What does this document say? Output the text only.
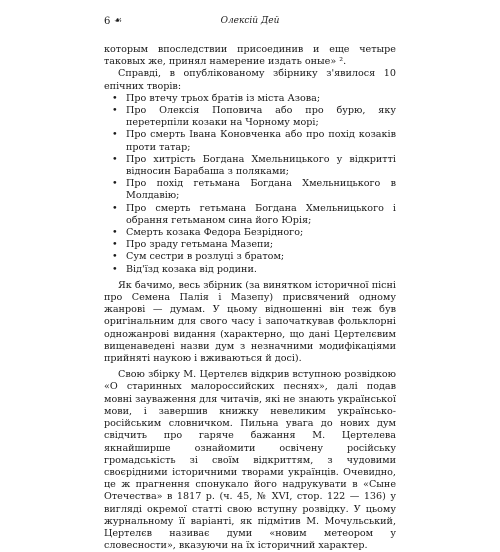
6 ☙	Олексій Дей

которым впоследствии присоединив и еще четыре таковых же, принял намерение издать оные» ².

Справді, в опублікованому збірнику з'явилося 10 епічних творів:

• Про втечу трьох братів із міста Азова;
• Про Олексія Поповича або про бурю, яку перетерпіли козаки на Чорному морі;
• Про смерть Івана Коновченка або про похід козаків проти татар;
• Про хитрість Богдана Хмельницького у відкритті відносин Барабаша з поляками;
• Про похід гетьмана Богдана Хмельницького в Молдавію;
• Про смерть гетьмана Богдана Хмельницького і обрання гетьманом сина його Юрія;
• Смерть козака Федора Безрідного;
• Про зраду гетьмана Мазепи;
• Сум сестри в розлуці з братом;
• Від'їзд козака від родини.

Як бачимо, весь збірник (за винятком історичної пісні про Семена Палія і Мазепу) присвячений одному жанрові — думам. У цьому відношенні він теж був оригінальним для свого часу і започаткував фольклорні одножанрові видання (характерно, що дані Цертелєвим вищенаведені назви дум з незначними модифікаціями прийняті наукою і вживаються й досі).

Свою збірку М. Цертелєв відкрив вступною розвідкою «О старинных малороссийских песнях», далі подав мовні зауваження для читачів, які не знають української мови, і завершив книжку невеликим українсько-російським словничком. Пильна увага до нових дум свідчить про гаряче бажання М. Цертелева якнайширше ознайомити освічену російську громадськість зі своїм відкриттям, з чудовими своєрідними історичними творами українців. Очевидно, це ж прагнення спонукало його надрукувати в «Сыне Отечества» в 1817 р. (ч. 45, № XVI, стор. 122 — 136) у вигляді окремої статті свою вступну розвідку. У цьому журнальному її варіанті, як підмітив М. Мочульський, Цертелєв називає думи «новим метеором у словесности», вказуючи на їх історичний характер.
